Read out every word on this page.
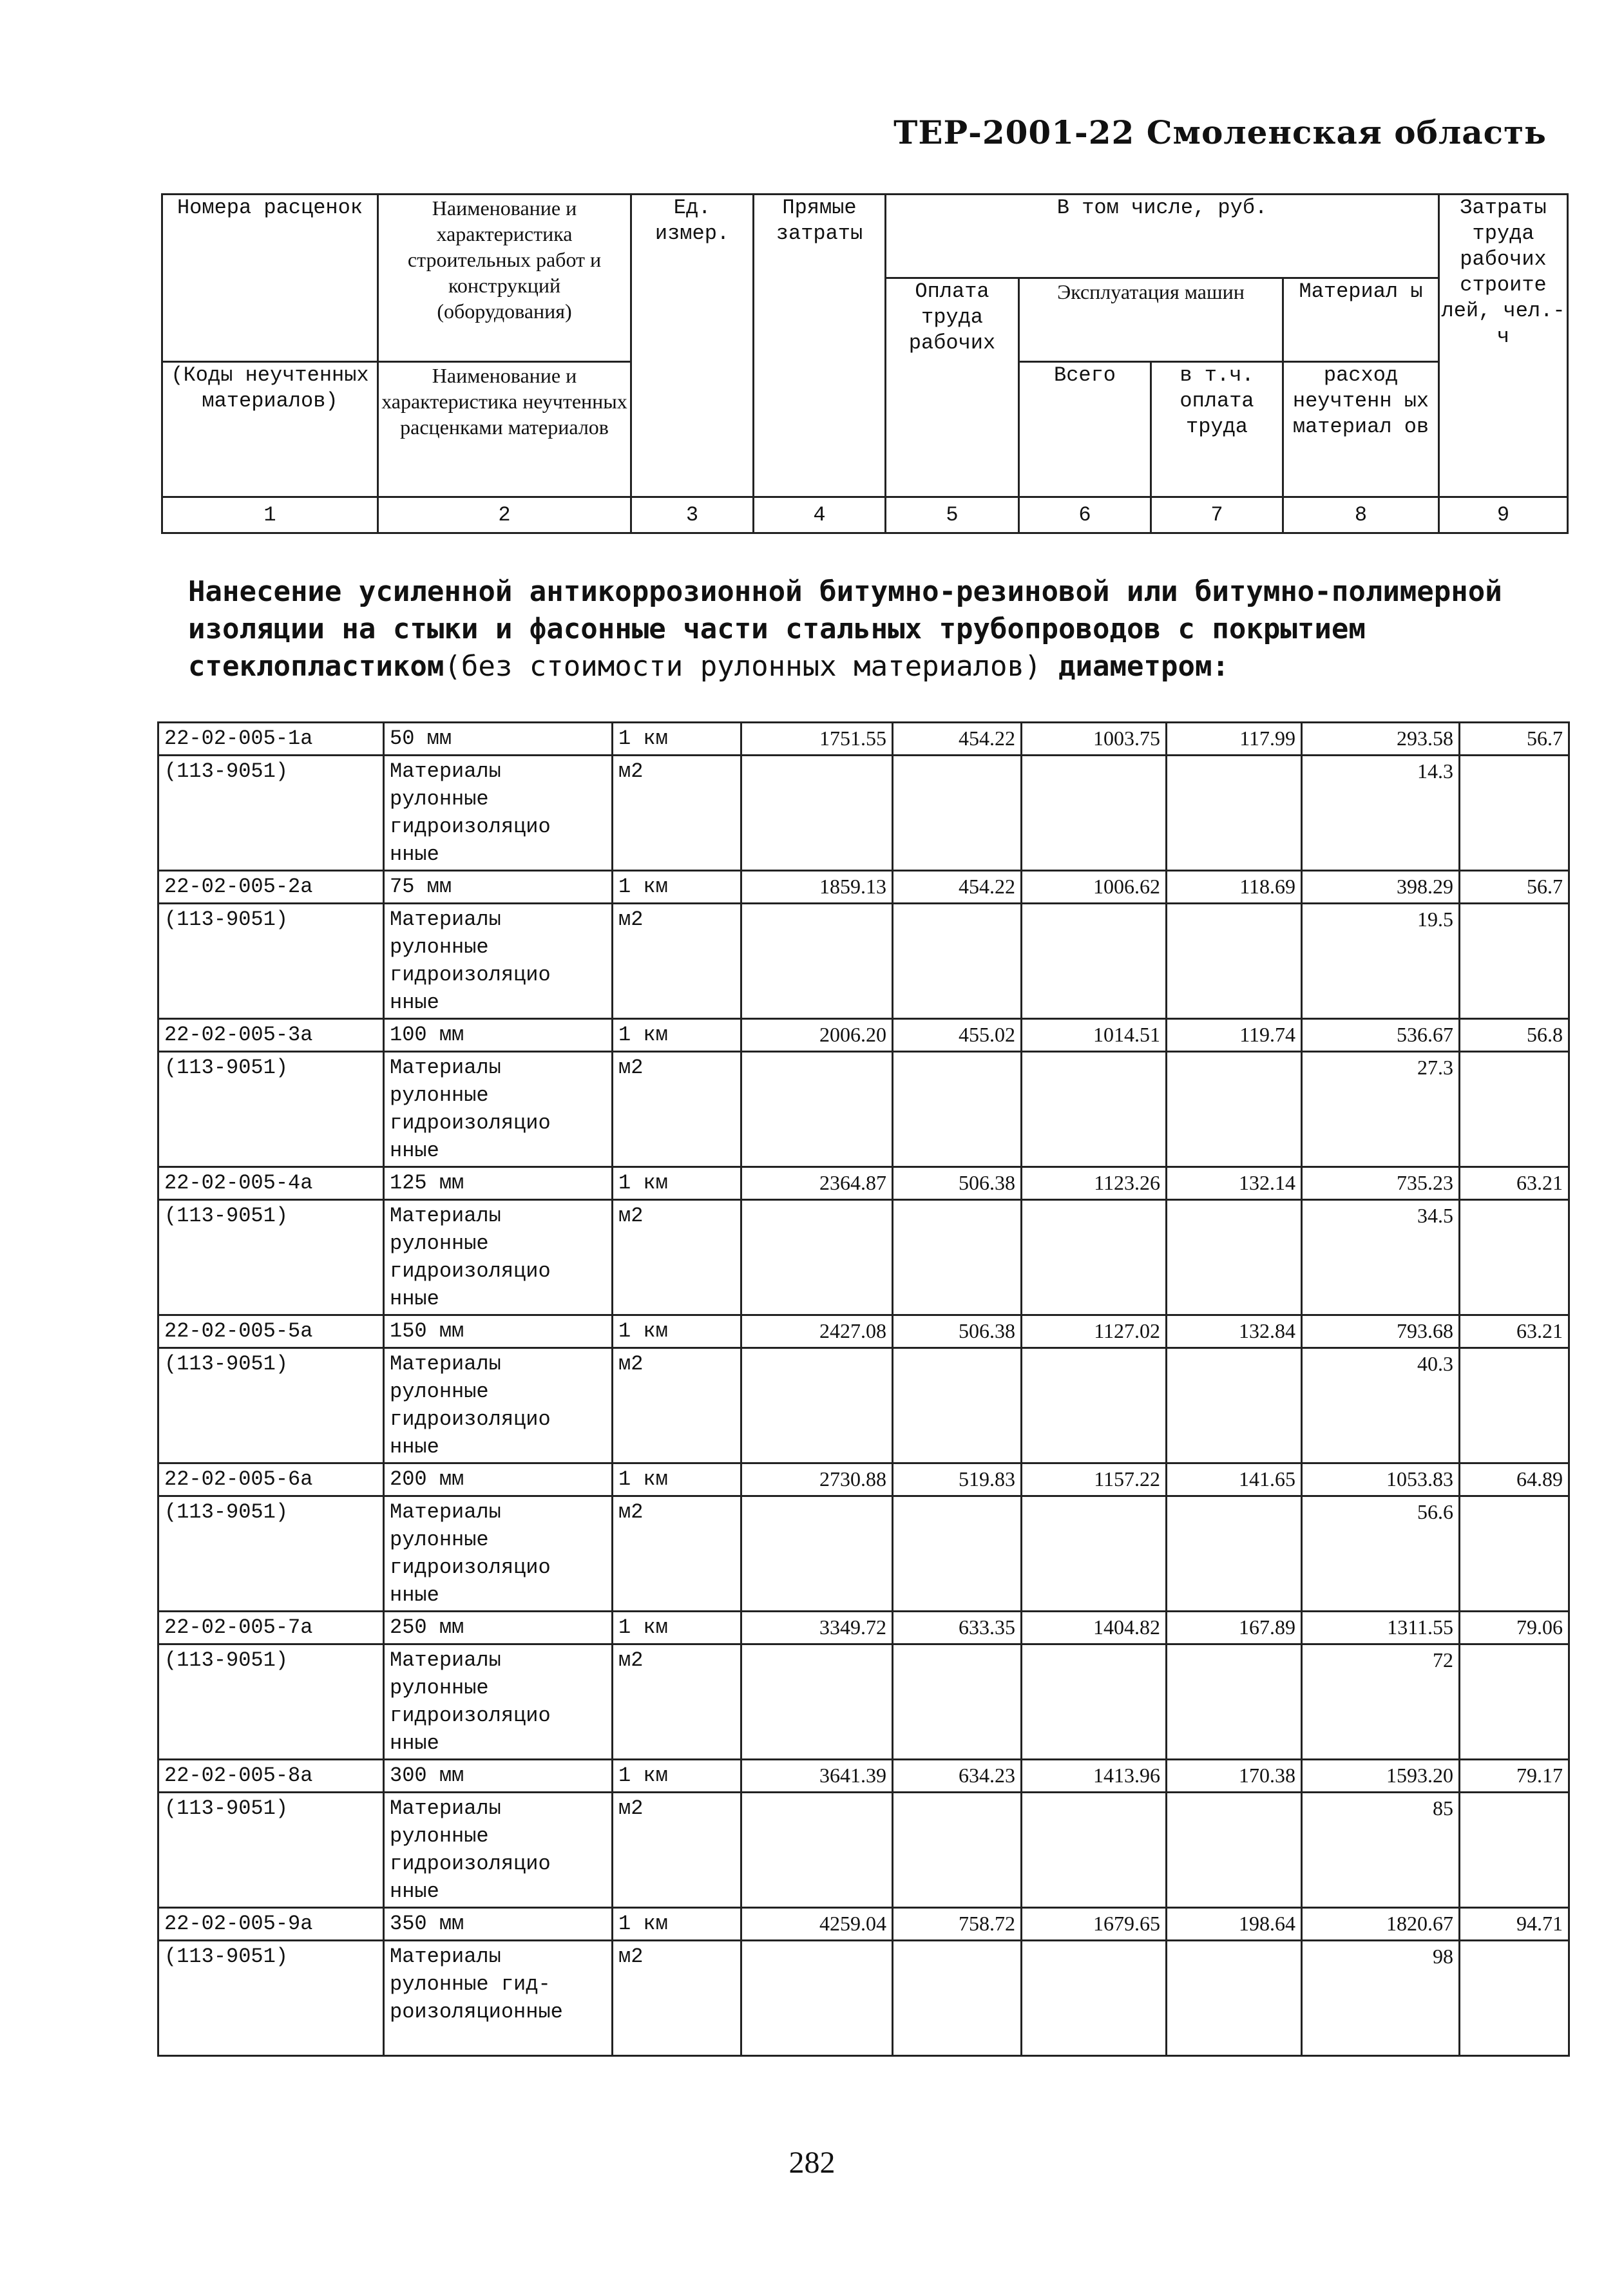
ТЕР-2001-22 Смоленская область
Номера расценок	Наименование и характеристика строительных работ и конструкций (оборудования)	Ед. измер.	Прямые затраты	В том числе, руб.				Затраты труда рабочих строите лей, чел.-ч
				Оплата труда рабочих	Эксплуатация машин		Материал ы	
(Коды неучтенных материалов)	Наименование и характеристика неучтенных расценками материалов				Всего	в т.ч. оплата труда	расход неучтенн ых материал ов	
1	2	3	4	5	6	7	8	9
Нанесение усиленной антикоррозионной битумно-резиновой или битумно-полимерной изоляции на стыки и фасонные части стальных трубопроводов с покрытием стеклопластиком(без стоимости рулонных материалов) диаметром:
22-02-005-1a	50 мм	1 км	1751.55	454.22	1003.75	117.99	293.58	56.7
(113-9051)	Материалы рулонные гидроизоляцио нные	м2					14.3	
22-02-005-2a	75 мм	1 км	1859.13	454.22	1006.62	118.69	398.29	56.7
(113-9051)	Материалы рулонные гидроизоляцио нные	м2					19.5	
22-02-005-3a	100 мм	1 км	2006.20	455.02	1014.51	119.74	536.67	56.8
(113-9051)	Материалы рулонные гидроизоляцио нные	м2					27.3	
22-02-005-4a	125 мм	1 км	2364.87	506.38	1123.26	132.14	735.23	63.21
(113-9051)	Материалы рулонные гидроизоляцио нные	м2					34.5	
22-02-005-5a	150 мм	1 км	2427.08	506.38	1127.02	132.84	793.68	63.21
(113-9051)	Материалы рулонные гидроизоляцио нные	м2					40.3	
22-02-005-6a	200 мм	1 км	2730.88	519.83	1157.22	141.65	1053.83	64.89
(113-9051)	Материалы рулонные гидроизоляцио нные	м2					56.6	
22-02-005-7a	250 мм	1 км	3349.72	633.35	1404.82	167.89	1311.55	79.06
(113-9051)	Материалы рулонные гидроизоляцио нные	м2					72	
22-02-005-8a	300 мм	1 км	3641.39	634.23	1413.96	170.38	1593.20	79.17
(113-9051)	Материалы рулонные гидроизоляцио нные	м2					85	
22-02-005-9a	350 мм	1 км	4259.04	758.72	1679.65	198.64	1820.67	94.71
(113-9051)	Материалы рулонные гид-роизоляционные	м2					98	
282
